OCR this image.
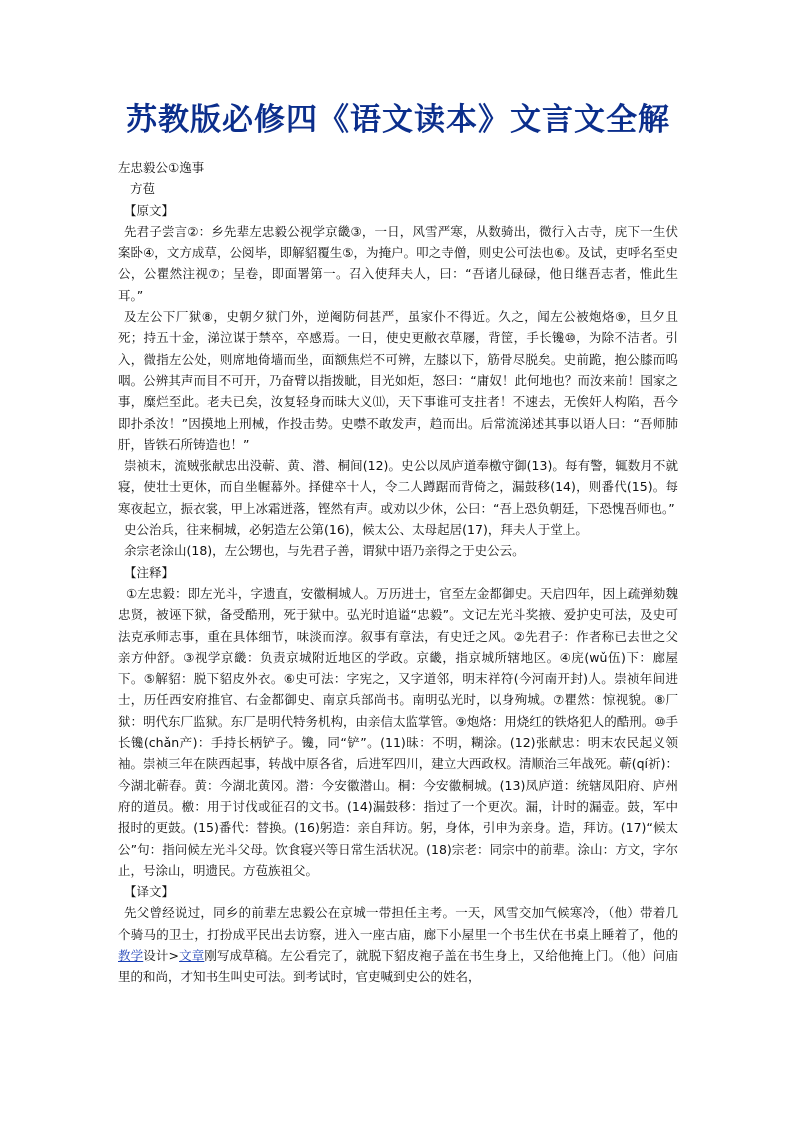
苏教版必修四《语文读本》文言文全解
左忠毅公①逸事
方苞
【原文】
先君子尝言②：乡先辈左忠毅公视学京畿③，一日，风雪严寒，从数骑出，微行入古寺，庑下一生伏案卧④，文方成草，公阅毕，即解貂覆生⑤，为掩户。叩之寺僧，则史公可法也⑥。及试，吏呼名至史公，公瞿然注视⑦；呈卷，即面署第一。召入使拜夫人，曰：“吾诸儿碌碌，他日继吾志者，惟此生耳。”
及左公下厂狱⑧，史朝夕狱门外，逆阉防伺甚严，虽家仆不得近。久之，闻左公被炮烙⑨，旦夕且死；持五十金，涕泣谋于禁卒，卒感焉。一日，使史更敝衣草屦，背筐，手长镵⑩，为除不洁者。引入，微指左公处，则席地倚墙而坐，面额焦烂不可辨，左膝以下，筋骨尽脱矣。史前跪，抱公膝而呜咽。公辨其声而目不可开，乃奋臂以指拨眦，目光如炬，怒曰：“庸奴！此何地也？而汝来前！国家之事，糜烂至此。老夫已矣，汝复轻身而昧大义⑾，天下事谁可支拄者！不速去，无俟奸人构陷，吾今即扑杀汝！”因摸地上刑械，作投击势。史噤不敢发声，趋而出。后常流涕述其事以语人曰：“吾师肺肝，皆铁石所铸造也！”
崇祯末，流贼张献忠出没蕲、黄、潜、桐间(12)。史公以凤庐道奉檄守御(13)。每有警，辄数月不就寝，使壮士更休，而自坐幄幕外。择健卒十人，令二人蹲踞而背倚之，漏鼓移(14)，则番代(15)。每寒夜起立，振衣裳，甲上冰霜迸落，铿然有声。或劝以少休，公曰：“吾上恐负朝廷，下恐愧吾师也。”
史公治兵，往来桐城，必躬造左公第(16)，候太公、太母起居(17)，拜夫人于堂上。
余宗老涂山(18)，左公甥也，与先君子善，谓狱中语乃亲得之于史公云。
【注释】
①左忠毅：即左光斗，字遗直，安徽桐城人。万历进士，官至左金都御史。天启四年，因上疏弹劾魏忠贤，被诬下狱，备受酷刑，死于狱中。弘光时追谥“忠毅”。文记左光斗奖掖、爱护史可法，及史可法克承师志事，重在具体细节，味淡而淳。叙事有章法，有史迁之风。②先君子：作者称已去世之父亲方仲舒。③视学京畿：负责京城附近地区的学政。京畿，指京城所辖地区。④庑(wǔ伍)下：廊屋下。⑤解貂：脱下貂皮外衣。⑥史可法：字宪之，又字道邻，明末祥符(今河南开封)人。崇祯年间进士，历任西安府推官、右金都御史、南京兵部尚书。南明弘光时，以身殉城。⑦瞿然：惊视貌。⑧厂狱：明代东厂监狱。东厂是明代特务机构，由亲信太监掌管。⑨炮烙：用烧红的铁烙犯人的酷刑。⑩手长镵(chǎn产)：手持长柄铲子。镵，同“铲”。(11)昧：不明，糊涂。(12)张献忠：明末农民起义领袖。崇祯三年在陕西起事，转战中原各省，后进军四川，建立大西政权。清顺治三年战死。蕲(qí祈)：今湖北蕲春。黄：今湖北黄冈。潜：今安徽潜山。桐：今安徽桐城。(13)凤庐道：统辖凤阳府、庐州府的道员。檄：用于讨伐或征召的文书。(14)漏鼓移：指过了一个更次。漏，计时的漏壶。鼓，军中报时的更鼓。(15)番代：替换。(16)躬造：亲自拜访。躬，身体，引申为亲身。造，拜访。(17)“候太公”句：指问候左光斗父母。饮食寝兴等日常生活状况。(18)宗老：同宗中的前辈。涂山：方文，字尔止，号涂山，明遗民。方苞族祖父。
【译文】
先父曾经说过，同乡的前辈左忠毅公在京城一带担任主考。一天，风雪交加气候寒冷，（他）带着几个骑马的卫士，打扮成平民出去访察，进入一座古庙，廊下小屋里一个书生伏在书桌上睡着了，他的教学设计>文章刚写成草稿。左公看完了，就脱下貂皮袍子盖在书生身上，又给他掩上门。（他）问庙里的和尚，才知书生叫史可法。到考试时，官吏喊到史公的姓名，
